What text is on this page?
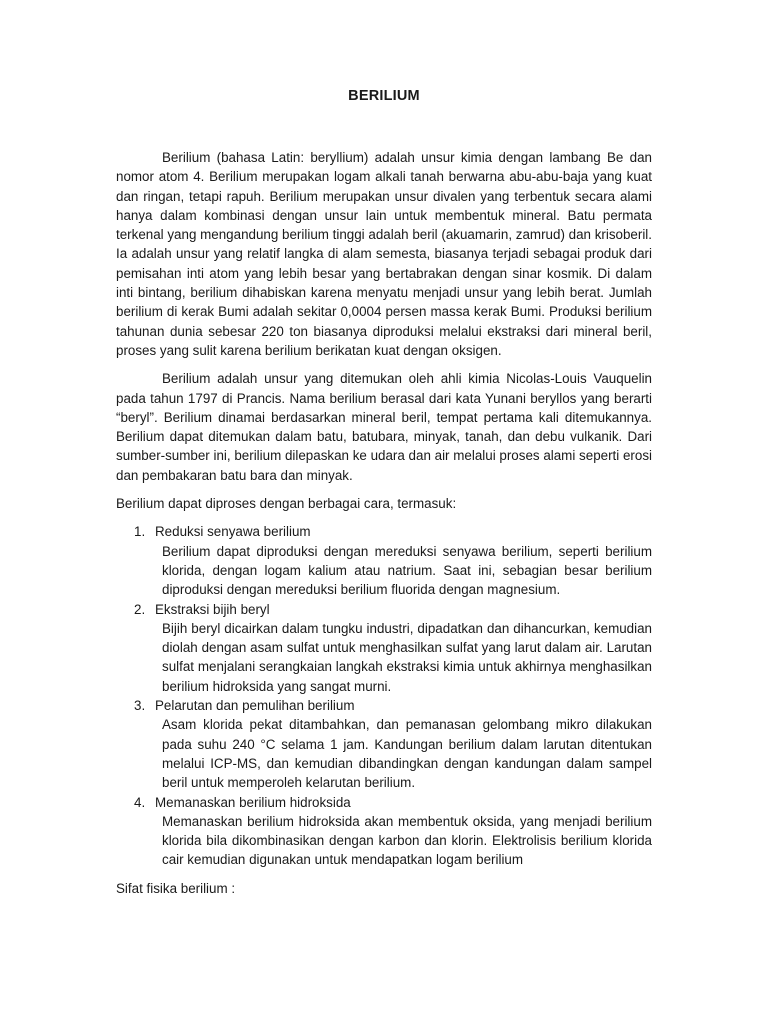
BERILIUM

Berilium (bahasa Latin: beryllium) adalah unsur kimia dengan lambang Be dan nomor atom 4. Berilium merupakan logam alkali tanah berwarna abu-abu-baja yang kuat dan ringan, tetapi rapuh. Berilium merupakan unsur divalen yang terbentuk secara alami hanya dalam kombinasi dengan unsur lain untuk membentuk mineral. Batu permata terkenal yang mengandung berilium tinggi adalah beril (akuamarin, zamrud) dan krisoberil. Ia adalah unsur yang relatif langka di alam semesta, biasanya terjadi sebagai produk dari pemisahan inti atom yang lebih besar yang bertabrakan dengan sinar kosmik. Di dalam inti bintang, berilium dihabiskan karena menyatu menjadi unsur yang lebih berat. Jumlah berilium di kerak Bumi adalah sekitar 0,0004 persen massa kerak Bumi. Produksi berilium tahunan dunia sebesar 220 ton biasanya diproduksi melalui ekstraksi dari mineral beril, proses yang sulit karena berilium berikatan kuat dengan oksigen.

Berilium adalah unsur yang ditemukan oleh ahli kimia Nicolas-Louis Vauquelin pada tahun 1797 di Prancis. Nama berilium berasal dari kata Yunani beryllos yang berarti “beryl”. Berilium dinamai berdasarkan mineral beril, tempat pertama kali ditemukannya. Berilium dapat ditemukan dalam batu, batubara, minyak, tanah, dan debu vulkanik. Dari sumber-sumber ini, berilium dilepaskan ke udara dan air melalui proses alami seperti erosi dan pembakaran batu bara dan minyak.

Berilium dapat diproses dengan berbagai cara, termasuk:

1. Reduksi senyawa berilium
Berilium dapat diproduksi dengan mereduksi senyawa berilium, seperti berilium klorida, dengan logam kalium atau natrium. Saat ini, sebagian besar berilium diproduksi dengan mereduksi berilium fluorida dengan magnesium.
2. Ekstraksi bijih beryl
Bijih beryl dicairkan dalam tungku industri, dipadatkan dan dihancurkan, kemudian diolah dengan asam sulfat untuk menghasilkan sulfat yang larut dalam air. Larutan sulfat menjalani serangkaian langkah ekstraksi kimia untuk akhirnya menghasilkan berilium hidroksida yang sangat murni.
3. Pelarutan dan pemulihan berilium
Asam klorida pekat ditambahkan, dan pemanasan gelombang mikro dilakukan pada suhu 240 °C selama 1 jam. Kandungan berilium dalam larutan ditentukan melalui ICP-MS, dan kemudian dibandingkan dengan kandungan dalam sampel beril untuk memperoleh kelarutan berilium.
4. Memanaskan berilium hidroksida
Memanaskan berilium hidroksida akan membentuk oksida, yang menjadi berilium klorida bila dikombinasikan dengan karbon dan klorin. Elektrolisis berilium klorida cair kemudian digunakan untuk mendapatkan logam berilium

Sifat fisika berilium :
